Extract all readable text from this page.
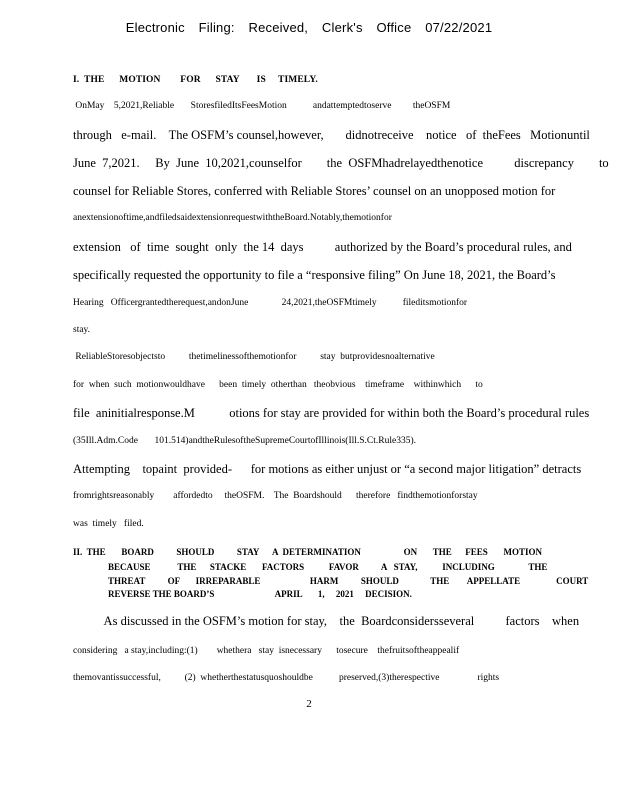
Electronic Filing: Received, Clerk's Office 07/22/2021
I.  THE      MOTION        FOR      STAY       IS     TIMELY.
OnMay    5,2021,Reliable       StoresfiledItsFeesMotion           andattemptedtoserve         theOSFM
through   e-mail.    The OSFM’s counsel,however,       didnotreceive    notice   of  theFees   Motionuntil
June  7,2021.     By  June  10,2021,counselfor        the  OSFMhadrelayedthenotice          discrepancy        to
counsel for Reliable Stores, conferred with Reliable Stores’ counsel on an unopposed motion for
anextensionoftime,andfiledsaidextensionrequestwiththeBoard.Notably,themotionfor
extension   of  time  sought  only  the 14  days          authorized by the Board’s procedural rules, and
specifically requested the opportunity to file a “responsive filing” On June 18, 2021, the Board’s
Hearing   Officergrantedtherequest,andonJune              24,2021,theOSFMtimely           fileditsmotionfor
stay.
ReliableStoresobjectsto          thetimelinessofthemotionfor          stay  butprovidesnoalternative
for  when  such  motionwouldhave      been  timely  otherthan   theobvious    timeframe    withinwhich      to
file  aninitialresponse.M           otions for stay are provided for within both the Board’s procedural rules
(35Ill.Adm.Code       101.514)andtheRulesoftheSupremeCourtofIllinois(Ill.S.Ct.Rule335).
Attempting    topaint  provided-      for motions as either unjust or “a second major litigation” detracts
fromrightsreasonably        affordedto     theOSFM.    The  Boardshould      therefore   findthemotionforstay
was  timely   filed.
II.  THE       BOARD          SHOULD          STAY      A  DETERMINATION                   ON       THE      FEES       MOTION
BECAUSE            THE      STACKE       FACTORS           FAVOR          A   STAY,           INCLUDING               THE
THREAT          OF       IRREPARABLE                      HARM          SHOULD              THE        APPELLATE                COURT
REVERSE THE BOARD’S                           APRIL       1,     2021     DECISION.
As discussed in the OSFM’s motion for stay,    the  Boardconsidersseveral          factors    when
considering   a stay,including:(1)        whethera   stay  isnecessary      tosecure    thefruitsoftheappealif
themovantissuccessful,          (2)  whetherthestatusquoshouldbe           preserved,(3)therespective                rights
2
